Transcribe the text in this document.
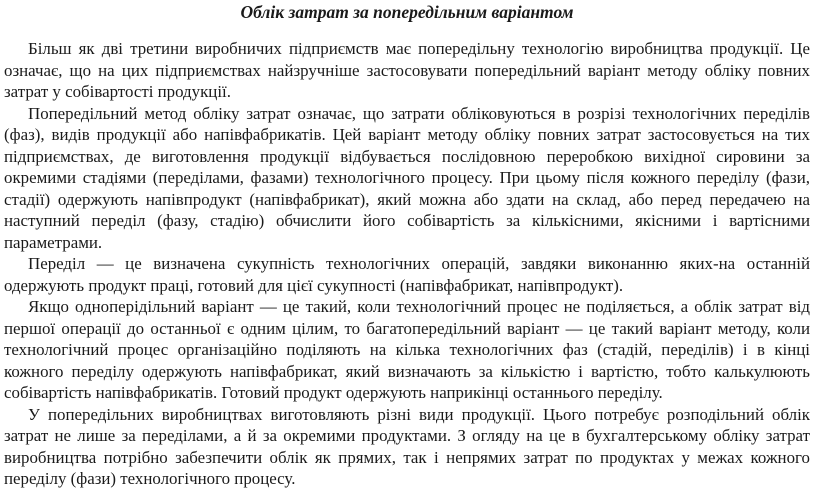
Облік затрат за попередільним варіантом

Більш як дві третини виробничих підприємств має попередільну технологію виробництва продукції. Це означає, що на цих підприємствах найзручніше застосовувати попередільний варіант методу обліку повних затрат у собівартості продукції.

Попередільний метод обліку затрат означає, що затрати обліковуються в розрізі технологічних переділів (фаз), видів продукції або напівфабрикатів. Цей варіант методу обліку повних затрат застосовується на тих підприємствах, де виготовлення продукції відбувається послідовною переробкою вихідної сировини за окремими стадіями (переділами, фазами) технологічного процесу. При цьому після кожного переділу (фази, стадії) одержують напівпродукт (напівфабрикат), який можна або здати на склад, або перед передачею на наступний переділ (фазу, стадію) обчислити його собівартість за кількісними, якісними і вартісними параметрами.

Переділ — це визначена сукупність технологічних операцій, завдяки виконанню яких-на останній одержують продукт праці, готовий для цієї сукупності (напівфабрикат, напівпродукт).

Якщо одноперідільний варіант — це такий, коли технологічний процес не поділяється, а облік затрат від першої операції до останньої є одним цілим, то багатопередільний варіант — це такий варіант методу, коли технологічний процес організаційно поділяють на кілька технологічних фаз (стадій, переділів) і в кінці кожного переділу одержують напівфабрикат, який визначають за кількістю і вартістю, тобто калькулюють собівартість напівфабрикатів. Готовий продукт одержують наприкінці останнього переділу.

У попередільних виробництвах виготовляють різні види продукції. Цього потребує розподільний облік затрат не лише за переділами, а й за окремими продуктами. З огляду на це в бухгалтерському обліку затрат виробництва потрібно забезпечити облік як прямих, так і непрямих затрат по продуктах у межах кожного переділу (фази) технологічного процесу.
